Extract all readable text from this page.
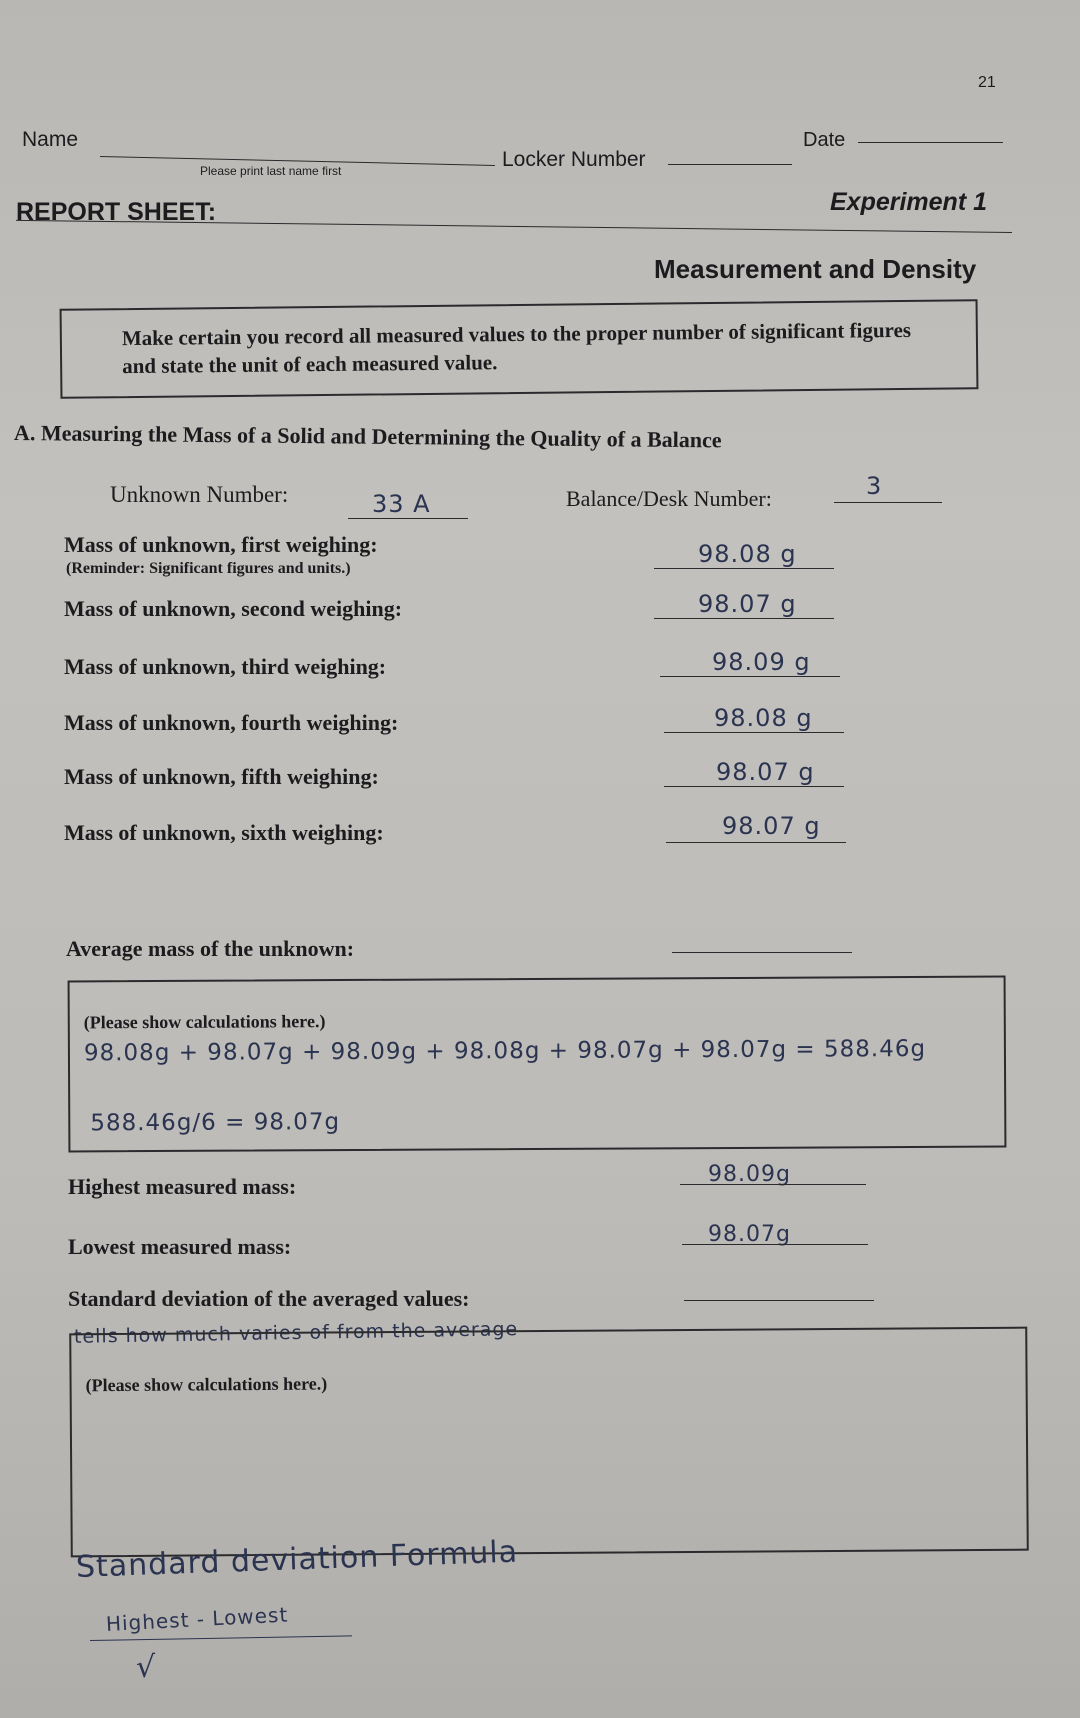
21
Name
Please print last name first	Locker Number
Date
REPORT SHEET:	Experiment 1
Measurement and Density
Make certain you record all measured values to the proper number of significant figures and state the unit of each measured value.
A. Measuring the Mass of a Solid and Determining the Quality of a Balance
Unknown Number:	33 A	Balance/Desk Number:	3
Mass of unknown, first weighing:
(Reminder: Significant figures and units.)
98.08 g
Mass of unknown, second weighing:	98.07 g
Mass of unknown, third weighing:	98.09 g
Mass of unknown, fourth weighing:	98.08 g
Mass of unknown, fifth weighing:	98.07 g
Mass of unknown, sixth weighing:	98.07 g
Average mass of the unknown:
(Please show calculations here.)
98.08g + 98.07g + 98.09g + 98.08g + 98.07g + 98.07g = 588.46g
588.46g/6 = 98.07g
Highest measured mass:	98.09g
Lowest measured mass:	98.07g
Standard deviation of the averaged values:
tells how much varies of from the average
(Please show calculations here.)
Standard deviation Formula
Highest - Lowest
√
